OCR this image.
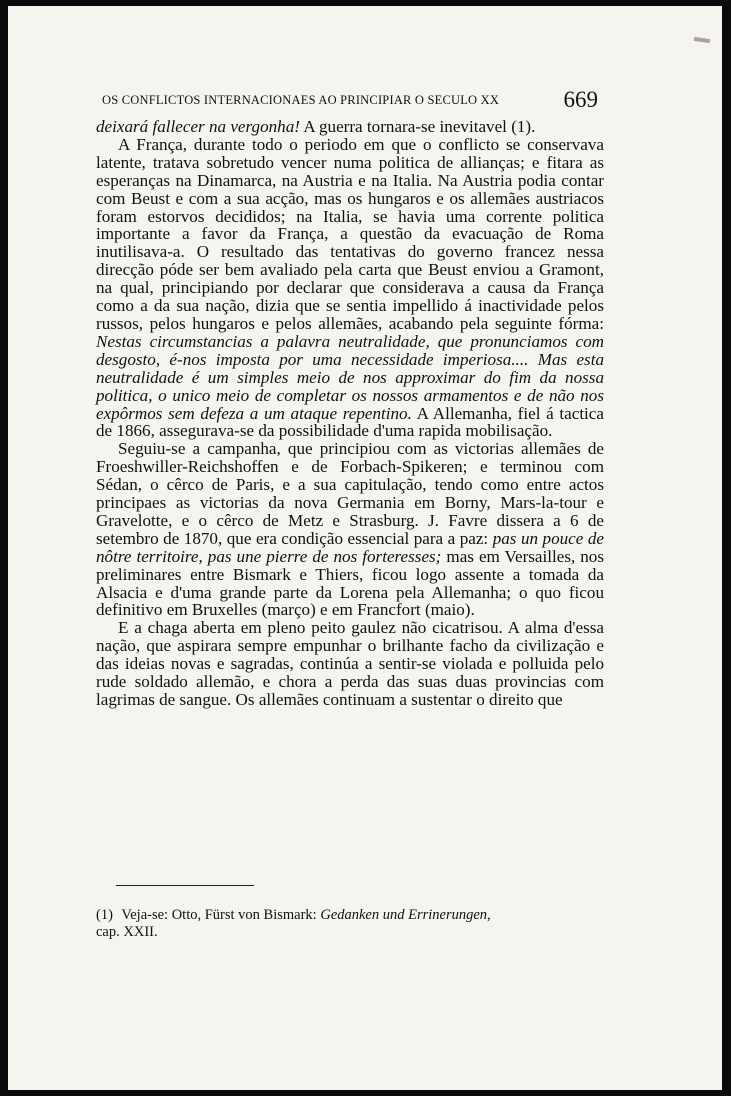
OS CONFLICTOS INTERNACIONAES AO PRINCIPIAR O SECULO XX	669

deixará fallecer na vergonha! A guerra tornara-se inevitavel (1).

A França, durante todo o periodo em que o conflicto se conservava latente, tratava sobretudo vencer numa politica de allianças; e fitara as esperanças na Dinamarca, na Austria e na Italia. Na Austria podia contar com Beust e com a sua acção, mas os hungaros e os allemães austriacos foram estorvos decididos; na Italia, se havia uma corrente politica importante a favor da França, a questão da evacuação de Roma inutilisava-a. O resultado das tentativas do governo francez nessa direcção póde ser bem avaliado pela carta que Beust enviou a Gramont, na qual, principiando por declarar que considerava a causa da França como a da sua nação, dizia que se sentia impellido á inactividade pelos russos, pelos hungaros e pelos allemães, acabando pela seguinte fórma: Nestas circumstancias a palavra neutralidade, que pronunciamos com desgosto, é-nos imposta por uma necessidade imperiosa.... Mas esta neutralidade é um simples meio de nos approximar do fim da nossa politica, o unico meio de completar os nossos armamentos e de não nos expôrmos sem defeza a um ataque repentino. A Allemanha, fiel á tactica de 1866, assegurava-se da possibilidade d'uma rapida mobilisação.

Seguiu-se a campanha, que principiou com as victorias allemães de Froeshwiller-Reichshoffen e de Forbach-Spikeren; e terminou com Sédan, o cêrco de Paris, e a sua capitulação, tendo como entre actos principaes as victorias da nova Germania em Borny, Mars-la-tour e Gravelotte, e o cêrco de Metz e Strasburg. J. Favre dissera a 6 de setembro de 1870, que era condição essencial para a paz: pas un pouce de nôtre territoire, pas une pierre de nos forteresses; mas em Versailles, nos preliminares entre Bismark e Thiers, ficou logo assente a tomada da Alsacia e d'uma grande parte da Lorena pela Allemanha; o quo ficou definitivo em Bruxelles (março) e em Francfort (maio).

E a chaga aberta em pleno peito gaulez não cicatrisou. A alma d'essa nação, que aspirara sempre empunhar o brilhante facho da civilização e das ideias novas e sagradas, continúa a sentir-se violada e polluida pelo rude soldado allemão, e chora a perda das suas duas provincias com lagrimas de sangue. Os allemães continuam a sustentar o direito que

(1) Veja-se: Otto, Fürst von Bismark: Gedanken und Errinerungen,
cap. XXII.
